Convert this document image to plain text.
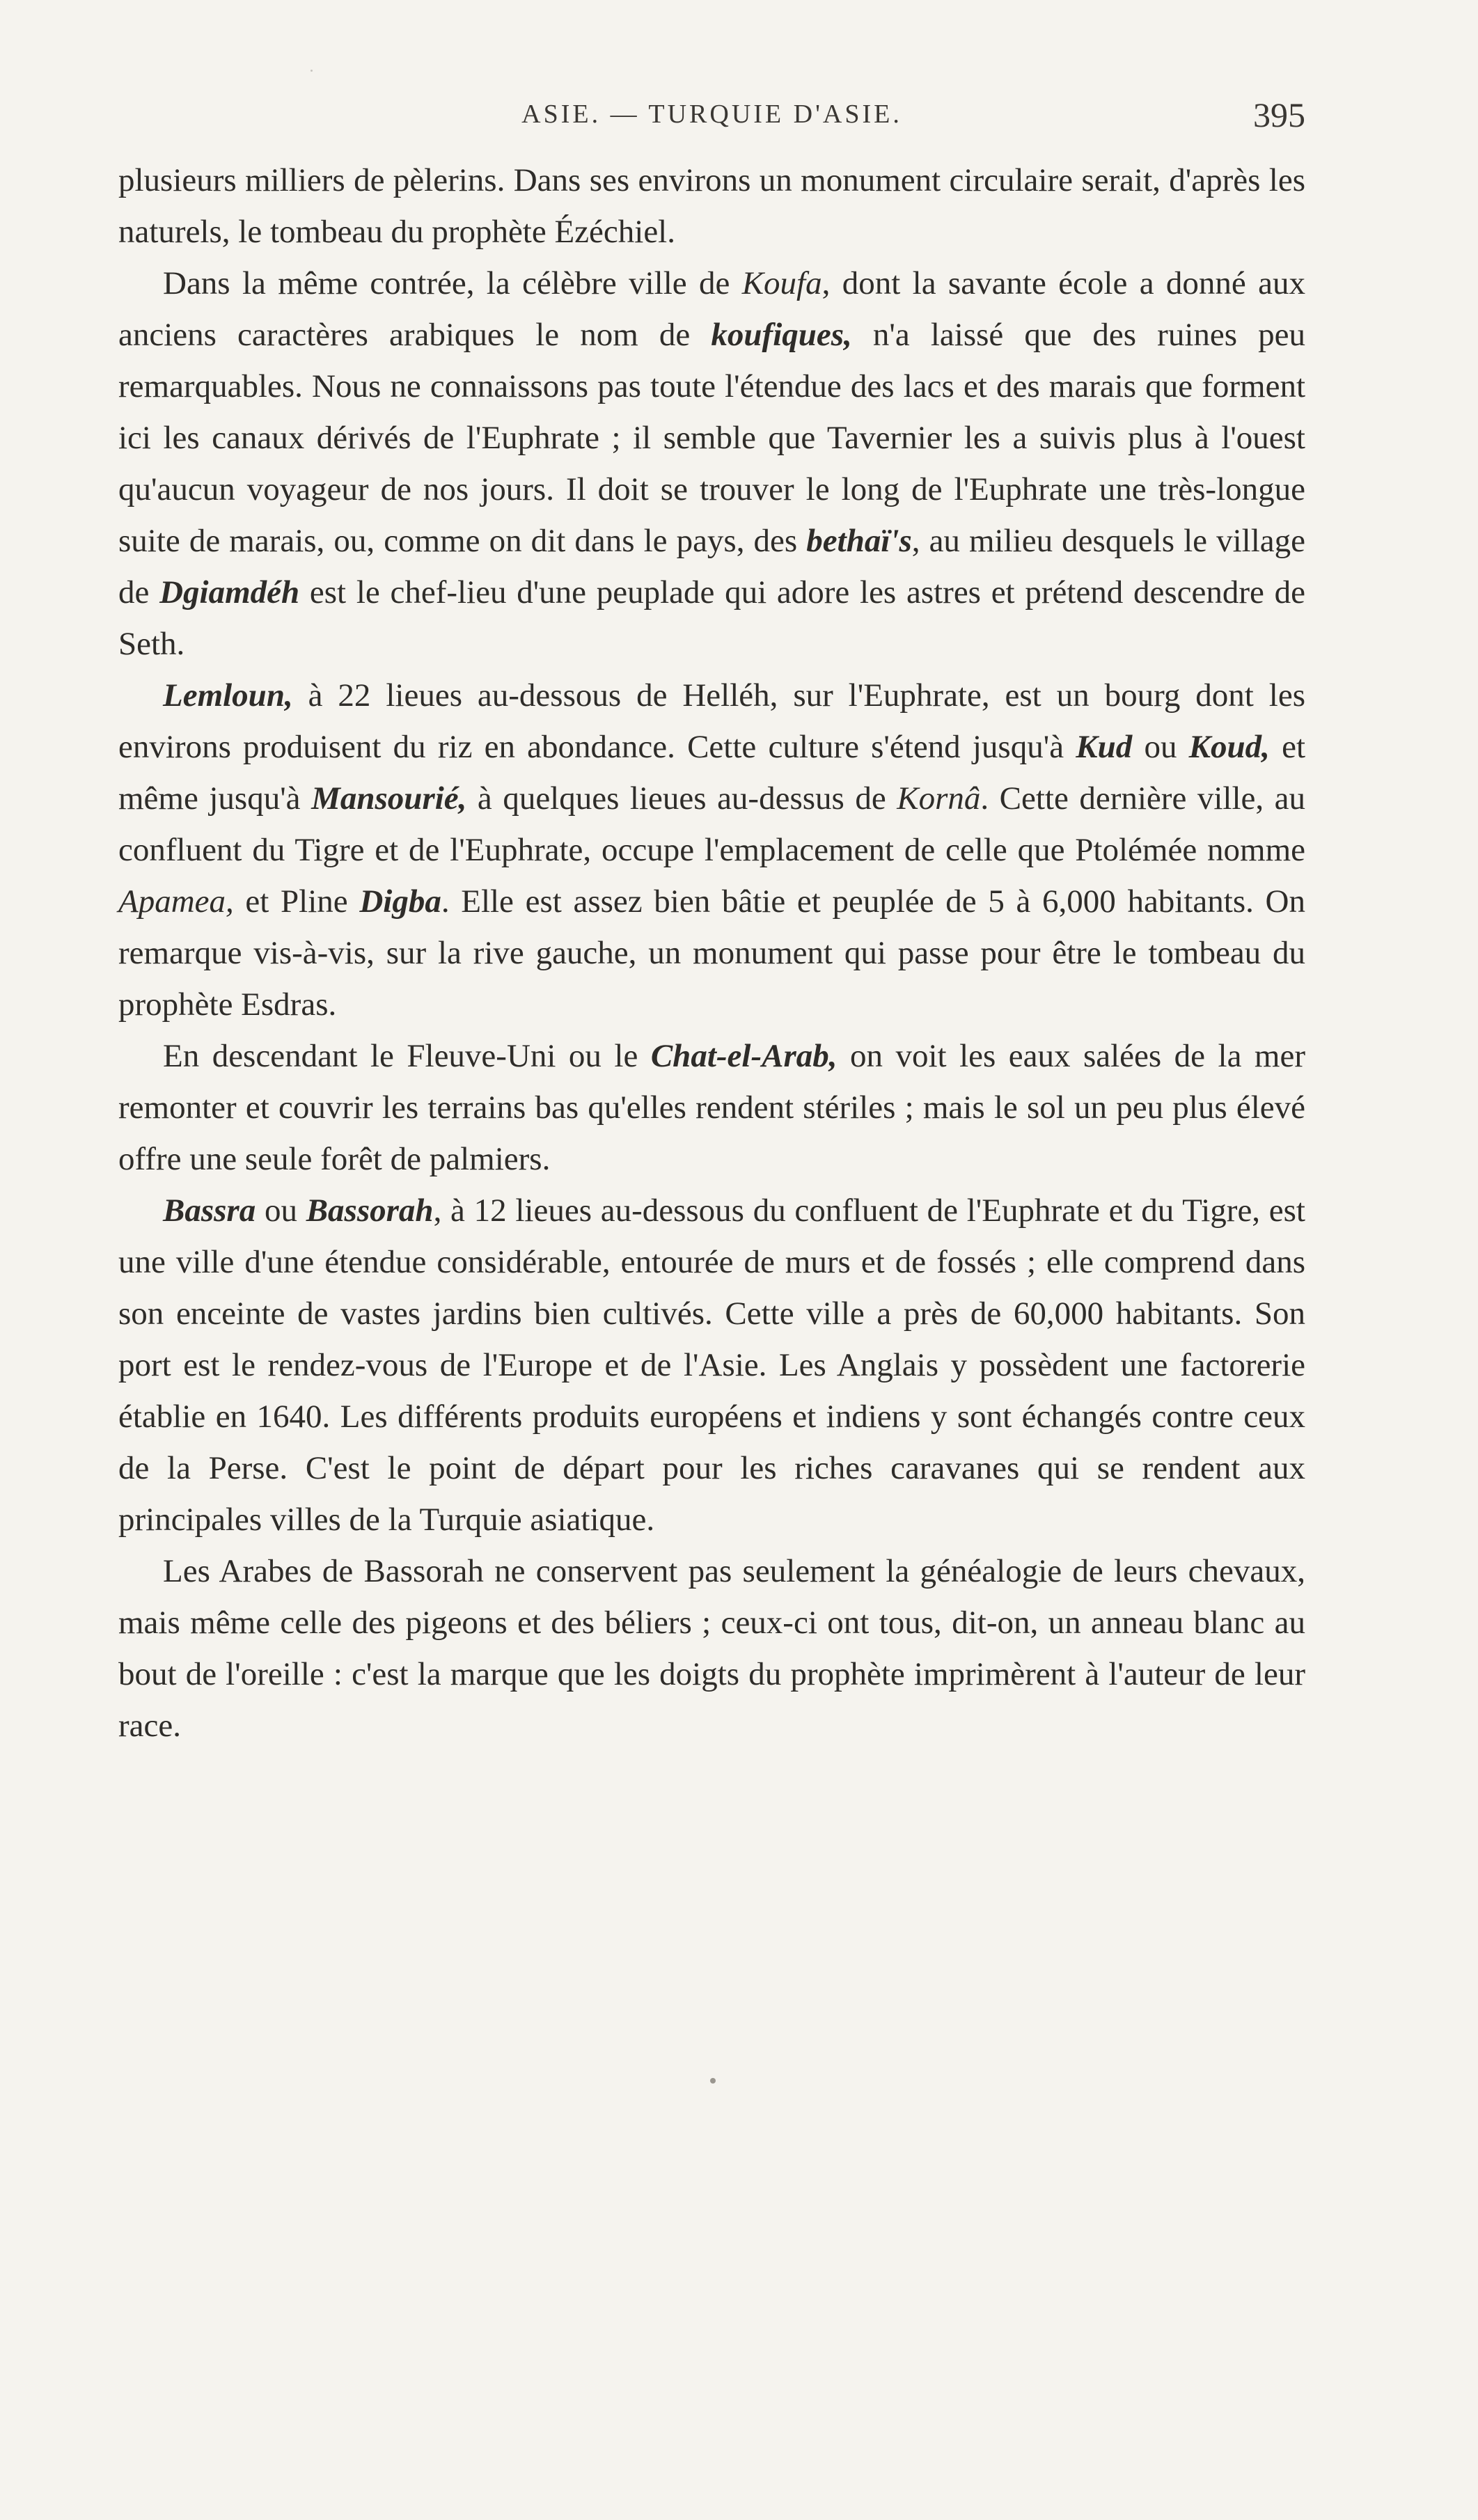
ASIE. — TURQUIE D'ASIE.	395

plusieurs milliers de pèlerins. Dans ses environs un monument circulaire serait, d'après les naturels, le tombeau du prophète Ézéchiel.

Dans la même contrée, la célèbre ville de Koufa, dont la savante école a donné aux anciens caractères arabiques le nom de koufiques, n'a laissé que des ruines peu remarquables. Nous ne connaissons pas toute l'étendue des lacs et des marais que forment ici les canaux dérivés de l'Euphrate ; il semble que Tavernier les a suivis plus à l'ouest qu'aucun voyageur de nos jours. Il doit se trouver le long de l'Euphrate une très-longue suite de marais, ou, comme on dit dans le pays, des bethaï's, au milieu desquels le village de Dgiamdéh est le chef-lieu d'une peuplade qui adore les astres et prétend descendre de Seth.

Lemloun, à 22 lieues au-dessous de Helléh, sur l'Euphrate, est un bourg dont les environs produisent du riz en abondance. Cette culture s'étend jusqu'à Kud ou Koud, et même jusqu'à Mansourié, à quelques lieues au-dessus de Kornâ. Cette dernière ville, au confluent du Tigre et de l'Euphrate, occupe l'emplacement de celle que Ptolémée nomme Apamea, et Pline Digba. Elle est assez bien bâtie et peuplée de 5 à 6,000 habitants. On remarque vis-à-vis, sur la rive gauche, un monument qui passe pour être le tombeau du prophète Esdras.

En descendant le Fleuve-Uni ou le Chat-el-Arab, on voit les eaux salées de la mer remonter et couvrir les terrains bas qu'elles rendent stériles ; mais le sol un peu plus élevé offre une seule forêt de palmiers.

Bassra ou Bassorah, à 12 lieues au-dessous du confluent de l'Euphrate et du Tigre, est une ville d'une étendue considérable, entourée de murs et de fossés ; elle comprend dans son enceinte de vastes jardins bien cultivés. Cette ville a près de 60,000 habitants. Son port est le rendez-vous de l'Europe et de l'Asie. Les Anglais y possèdent une factorerie établie en 1640. Les différents produits européens et indiens y sont échangés contre ceux de la Perse. C'est le point de départ pour les riches caravanes qui se rendent aux principales villes de la Turquie asiatique.

Les Arabes de Bassorah ne conservent pas seulement la généalogie de leurs chevaux, mais même celle des pigeons et des béliers ; ceux-ci ont tous, dit-on, un anneau blanc au bout de l'oreille : c'est la marque que les doigts du prophète imprimèrent à l'auteur de leur race.
